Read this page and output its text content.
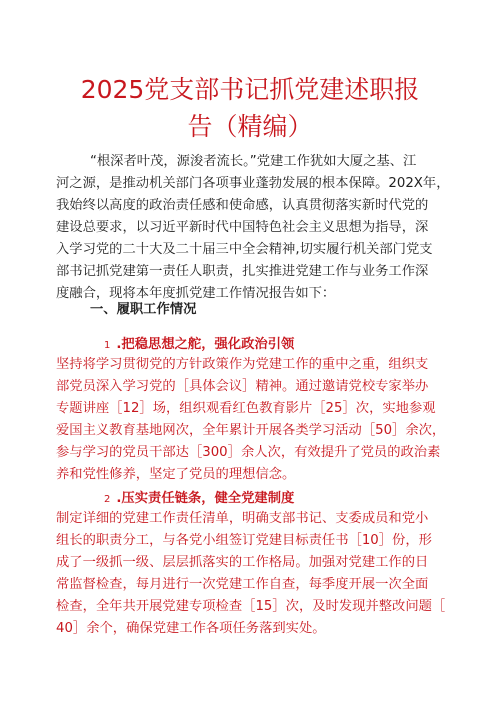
2025党支部书记抓党建述职报
告（精编）
“根深者叶茂，源浚者流长。”党建工作犹如大厦之基、江
河之源，是推动机关部门各项事业蓬勃发展的根本保障。202X年，
我始终以高度的政治责任感和使命感，认真贯彻落实新时代党的
建设总要求，以习近平新时代中国特色社会主义思想为指导，深
入学习党的二十大及二十届三中全会精神,切实履行机关部门党支
部书记抓党建第一责任人职责，扎实推进党建工作与业务工作深
度融合，现将本年度抓党建工作情况报告如下：
一、履职工作情况
1 .把稳思想之舵，强化政治引领
坚持将学习贯彻党的方针政策作为党建工作的重中之重，组织支
部党员深入学习党的［具体会议］精神。通过邀请党校专家举办
专题讲座［12］场，组织观看红色教育影片［25］次，实地参观
爱国主义教育基地网次，全年累计开展各类学习活动［50］余次，
参与学习的党员干部达［300］余人次，有效提升了党员的政治素
养和党性修养，坚定了党员的理想信念。
2 .压实责任链条，健全党建制度
制定详细的党建工作责任清单，明确支部书记、支委成员和党小
组长的职责分工，与各党小组签订党建目标责任书［10］份，形
成了一级抓一级、层层抓落实的工作格局。加强对党建工作的日
常监督检查，每月进行一次党建工作自查，每季度开展一次全面
检查，全年共开展党建专项检查［15］次，及时发现并整改问题［
40］余个，确保党建工作各项任务落到实处。
